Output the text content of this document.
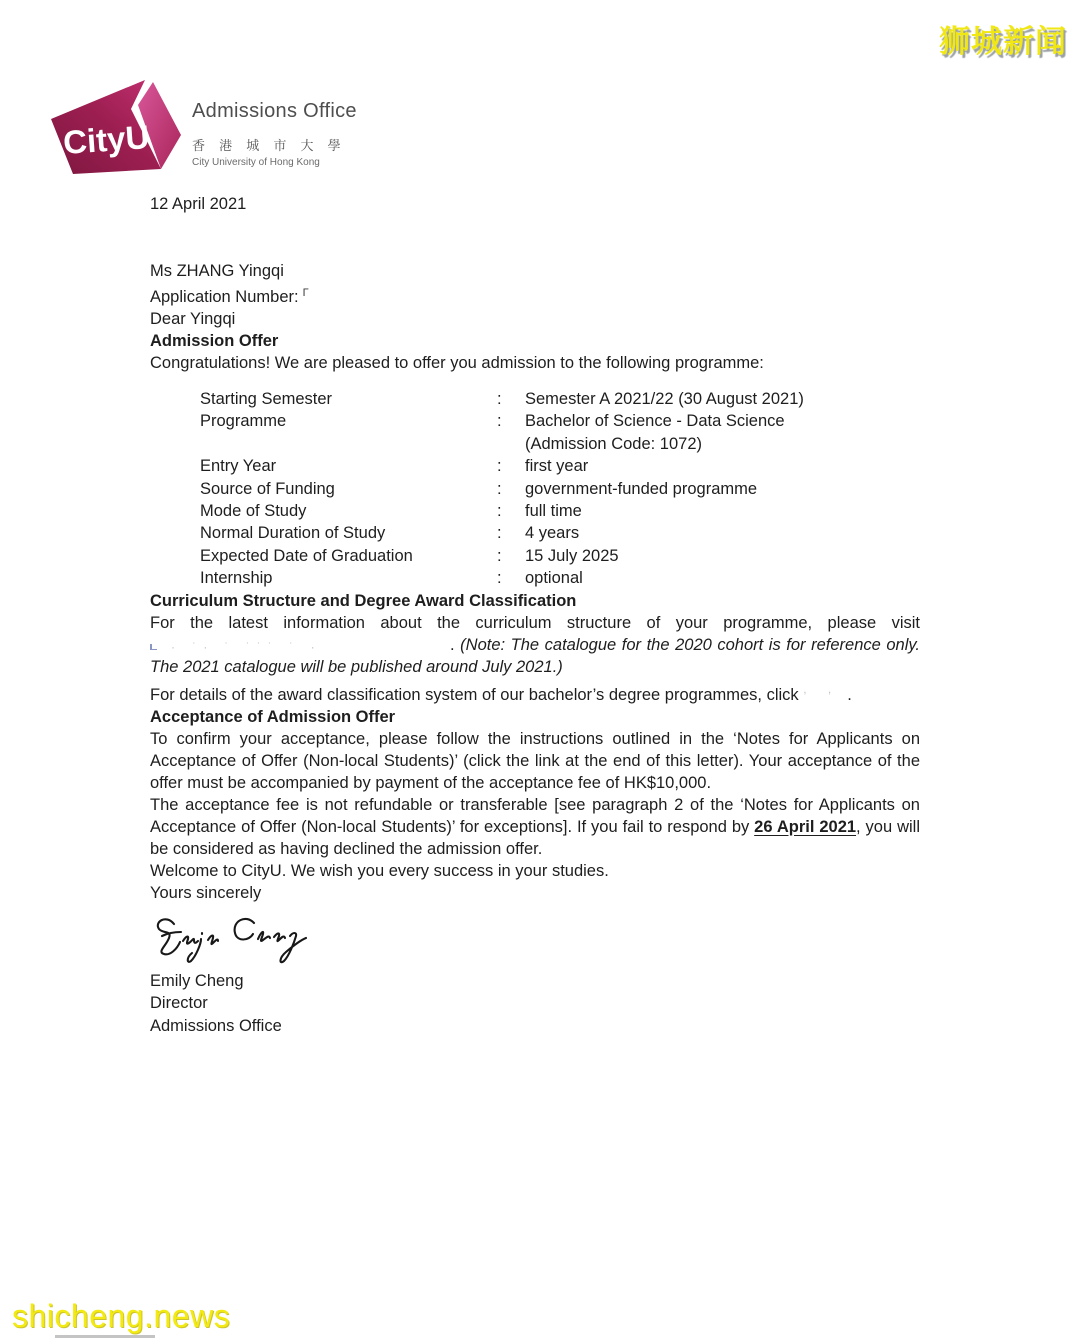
狮城新闻
CityU
Admissions Office
香 港 城 市 大 學
City University of Hong Kong

12 April 2021

Ms ZHANG Yingqi

Application Number: $^\Gamma$

Dear Yingqi

Admission Offer

Congratulations! We are pleased to offer you admission to the following programme:

Starting Semester	:	Semester A 2021/22 (30 August 2021)
Programme	:	Bachelor of Science - Data Science
(Admission Code: 1072)
Entry Year	:	first year
Source of Funding	:	government-funded programme
Mode of Study	:	full time
Normal Duration of Study	:	4 years
Expected Date of Graduation	:	15 July 2025
Internship	:	optional

Curriculum Structure and Degree Award Classification

For the latest information about the curriculum structure of your programme, please visit · ˙· ˙ ˙˙˙ ˙ ·	. (Note: The catalogue for the 2020 cohort is for reference only. The 2021 catalogue will be published around July 2021.)

For details of the award classification system of our bachelor’s degree programmes, click , , .

Acceptance of Admission Offer

To confirm your acceptance, please follow the instructions outlined in the ‘Notes for Applicants on Acceptance of Offer (Non-local Students)’ (click the link at the end of this letter). Your acceptance of the offer must be accompanied by payment of the acceptance fee of HK$10,000.

The acceptance fee is not refundable or transferable [see paragraph 2 of the ‘Notes for Applicants on Acceptance of Offer (Non-local Students)’ for exceptions]. If you fail to respond by 26 April 2021, you will be considered as having declined the admission offer.

Welcome to CityU. We wish you every success in your studies.

Yours sincerely

Emily Cheng

Director

Admissions Office

shicheng.news
